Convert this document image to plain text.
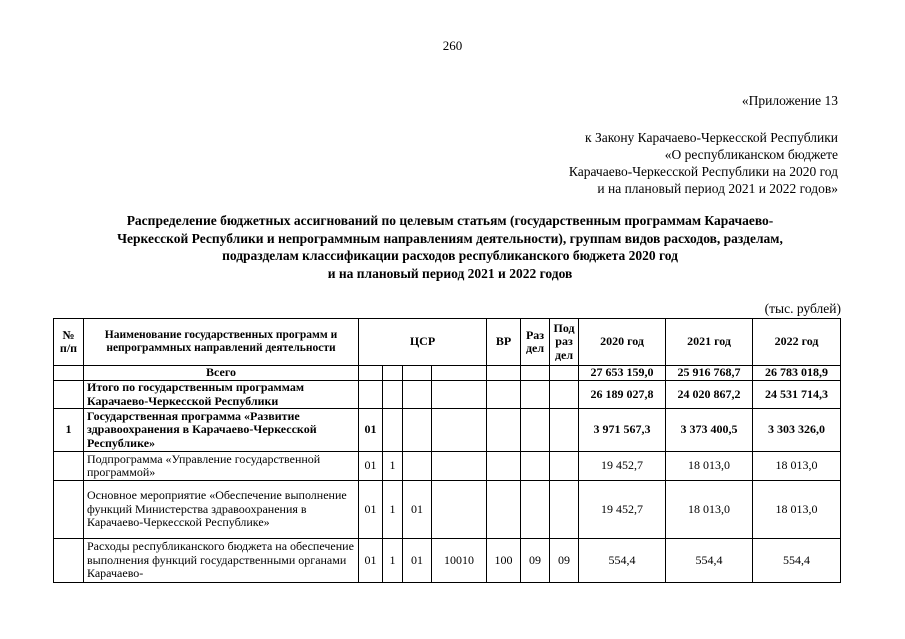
260
«Приложение 13
к Закону Карачаево-Черкесской Республики
«О республиканском бюджете
Карачаево-Черкесской Республики на 2020 год
и на плановый период 2021 и 2022 годов»
Распределение бюджетных ассигнований по целевым статьям (государственным программам Карачаево-
Черкесской Республики и непрограммным направлениям деятельности), группам видов расходов, разделам,
подразделам классификации расходов республиканского бюджета 2020 год
и на плановый период 2021 и 2022 годов
(тыс. рублей)
№ п/п	Наименование государственных программ и непрограммных направлений деятельности	ЦСР				ВР	Раз дел	Под раз дел	2020 год	2021 год	2022 год
	Всего								27 653 159,0	25 916 768,7	26 783 018,9
	Итого по государственным программам Карачаево-Черкесской Республики								26 189 027,8	24 020 867,2	24 531 714,3
1	Государственная программа «Развитие здравоохранения в Карачаево-Черкесской Республике»	01							3 971 567,3	3 373 400,5	3 303 326,0
	Подпрограмма «Управление государственной программой»	01	1						19 452,7	18 013,0	18 013,0
	Основное мероприятие «Обеспечение выполнение функций Министерства здравоохранения в Карачаево-Черкесской Республике»	01	1	01					19 452,7	18 013,0	18 013,0
	Расходы республиканского бюджета на обеспечение выполнения функций государственными органами Карачаево-	01	1	01	10010	100	09	09	554,4	554,4	554,4
